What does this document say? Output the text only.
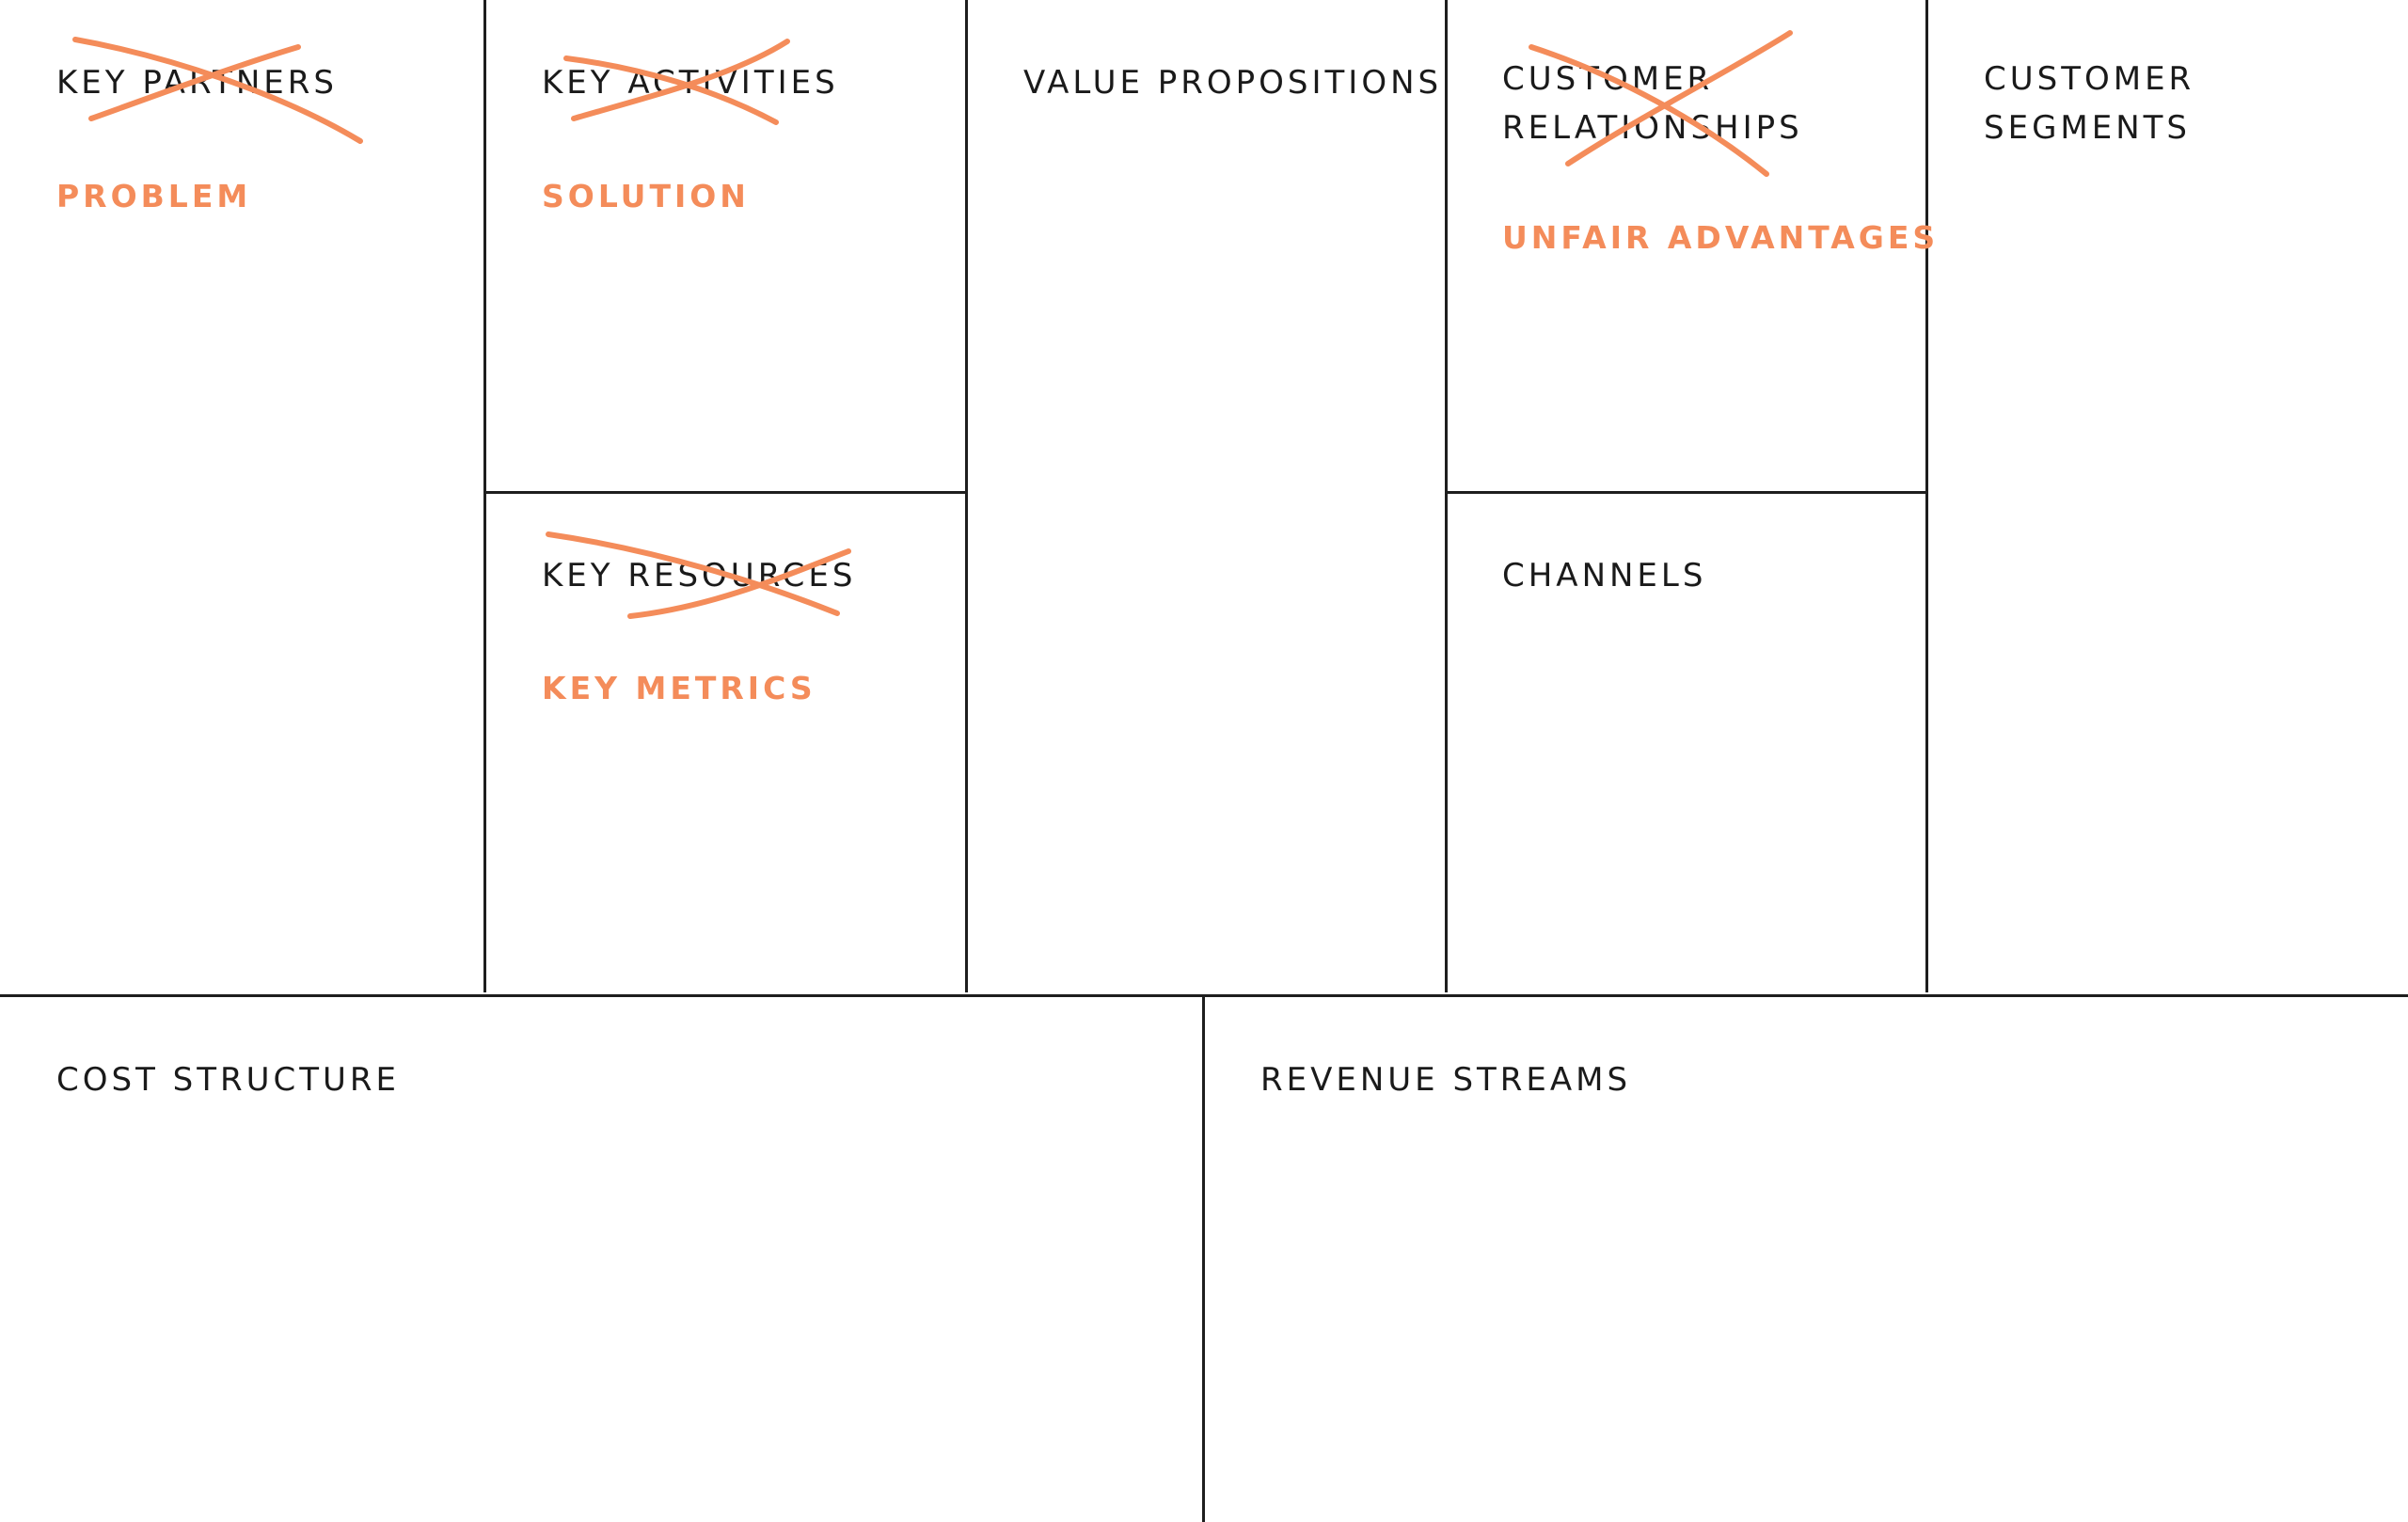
KEY PARTNERS

PROBLEM

KEY ACTIVITIES

SOLUTION

KEY RESOURCES

KEY METRICS

VALUE PROPOSITIONS CUSTOMER

RELATIONSHIPS

UNFAIR ADVANTAGES

CHANNELS

CUSTOMER

SEGMENTS

COST STRUCTURE	REVENUE STREAMS
